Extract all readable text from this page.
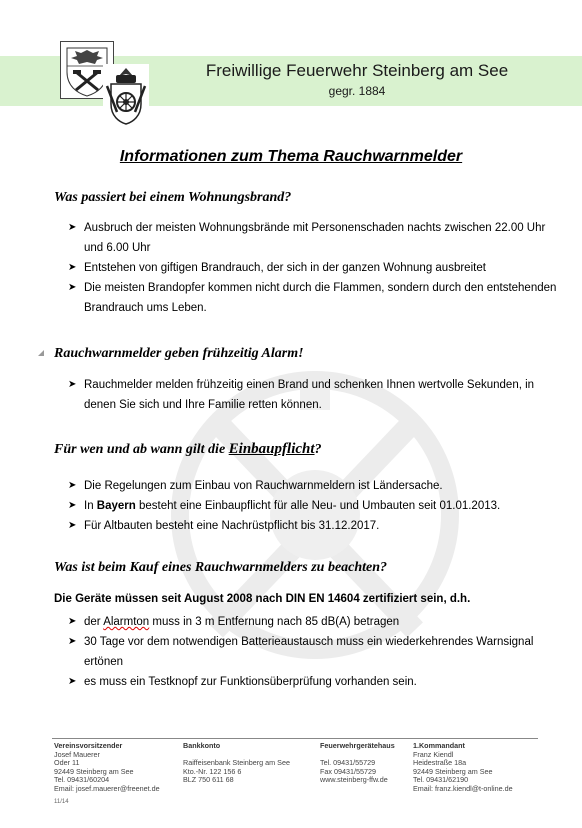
Freiwillige Feuerwehr Steinberg am See
gegr. 1884
Informationen zum Thema Rauchwarnmelder
Was passiert bei einem Wohnungsbrand?
➤ Ausbruch der meisten Wohnungsbrände mit Personenschaden nachts zwischen 22.00 Uhr und 6.00 Uhr
➤ Entstehen von giftigen Brandrauch, der sich in der ganzen Wohnung ausbreitet
➤ Die meisten Brandopfer kommen nicht durch die Flammen, sondern durch den entstehenden Brandrauch ums Leben.
Rauchwarnmelder geben frühzeitig Alarm!
➤ Rauchmelder melden frühzeitig einen Brand und schenken Ihnen wertvolle Sekunden, in denen Sie sich und Ihre Familie retten können.
Für wen und ab wann gilt die Einbaupflicht?
➤ Die Regelungen zum Einbau von Rauchwarnmeldern ist Ländersache.
➤ In Bayern besteht eine Einbaupflicht für alle Neu- und Umbauten seit 01.01.2013.
➤ Für Altbauten besteht eine Nachrüstpflicht bis 31.12.2017.
Was ist beim Kauf eines Rauchwarnmelders zu beachten?
Die Geräte müssen seit August 2008 nach DIN EN 14604 zertifiziert sein, d.h.
➤ der Alarmton muss in 3 m Entfernung nach 85 dB(A) betragen
➤ 30 Tage vor dem notwendigen Batterieaustausch muss ein wiederkehrendes Warnsignal ertönen
➤ es muss ein Testknopf zur Funktionsüberprüfung vorhanden sein.
Vereinsvorsitzender
Josef Mauerer
Oder 11
92449 Steinberg am See
Tel. 09431/60204
Email: josef.mauerer@freenet.de
Bankkonto
Raiffeisenbank Steinberg am See
Kto.-Nr. 122 156 6
BLZ 750 611 68
Feuerwehrgerätehaus
Tel. 09431/55729
Fax 09431/55729
www.steinberg-ffw.de
1.Kommandant
Franz Kiendl
Heidestraße 18a
92449 Steinberg am See
Tel. 09431/62190
Email: franz.kiendl@t-online.de
11/14
